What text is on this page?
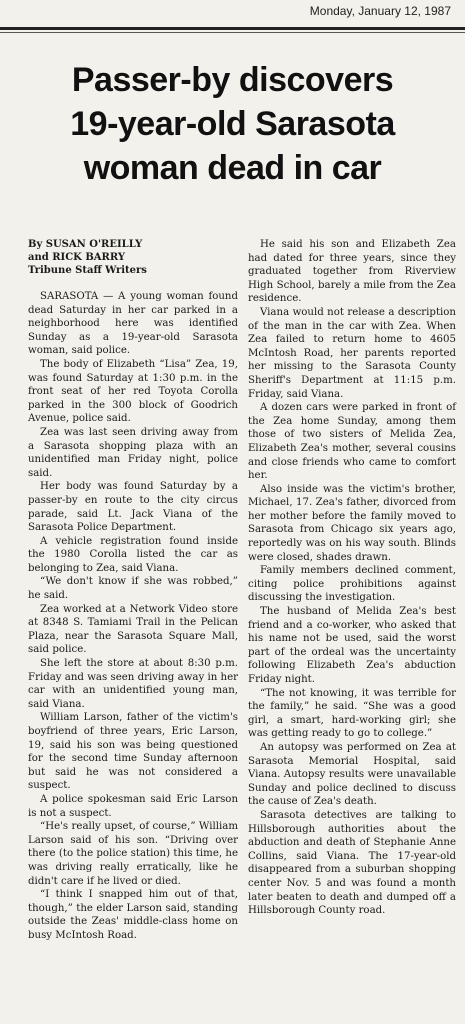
Monday, January 12, 1987
Passer-by discovers
19-year-old Sarasota
woman dead in car
By SUSAN O'REILLY
and RICK BARRY
Tribune Staff Writers

SARASOTA — A young woman found dead Saturday in her car parked in a neighborhood here was identified Sunday as a 19-year-old Sarasota woman, said police.

The body of Elizabeth “Lisa” Zea, 19, was found Saturday at 1:30 p.m. in the front seat of her red Toyota Corolla parked in the 300 block of Goodrich Avenue, police said.

Zea was last seen driving away from a Sarasota shopping plaza with an unidentified man Friday night, police said.

Her body was found Saturday by a passer-by en route to the city circus parade, said Lt. Jack Viana of the Sarasota Police Department.

A vehicle registration found inside the 1980 Corolla listed the car as belonging to Zea, said Viana.

“We don't know if she was robbed,” he said.

Zea worked at a Network Video store at 8348 S. Tamiami Trail in the Pelican Plaza, near the Sarasota Square Mall, said police.

She left the store at about 8:30 p.m. Friday and was seen driving away in her car with an unidentified young man, said Viana.

William Larson, father of the victim's boyfriend of three years, Eric Larson, 19, said his son was being questioned for the second time Sunday afternoon but said he was not considered a suspect.

A police spokesman said Eric Larson is not a suspect.

“He's really upset, of course,” William Larson said of his son. “Driving over there (to the police station) this time, he was driving really erratically, like he didn't care if he lived or died.

“I think I snapped him out of that, though,” the elder Larson said, standing outside the Zeas' middle-class home on busy McIntosh Road.

He said his son and Elizabeth Zea had dated for three years, since they graduated together from Riverview High School, barely a mile from the Zea residence.

Viana would not release a description of the man in the car with Zea. When Zea failed to return home to 4605 McIntosh Road, her parents reported her missing to the Sarasota County Sheriff's Department at 11:15 p.m. Friday, said Viana.

A dozen cars were parked in front of the Zea home Sunday, among them those of two sisters of Melida Zea, Elizabeth Zea's mother, several cousins and close friends who came to comfort her.

Also inside was the victim's brother, Michael, 17. Zea's father, divorced from her mother before the family moved to Sarasota from Chicago six years ago, reportedly was on his way south. Blinds were closed, shades drawn.

Family members declined comment, citing police prohibitions against discussing the investigation.

The husband of Melida Zea's best friend and a co-worker, who asked that his name not be used, said the worst part of the ordeal was the uncertainty following Elizabeth Zea's abduction Friday night.

“The not knowing, it was terrible for the family,” he said. “She was a good girl, a smart, hard-working girl; she was getting ready to go to college.”

An autopsy was performed on Zea at Sarasota Memorial Hospital, said Viana. Autopsy results were unavailable Sunday and police declined to discuss the cause of Zea's death.

Sarasota detectives are talking to Hillsborough authorities about the abduction and death of Stephanie Anne Collins, said Viana. The 17-year-old disappeared from a suburban shopping center Nov. 5 and was found a month later beaten to death and dumped off a Hillsborough County road.
